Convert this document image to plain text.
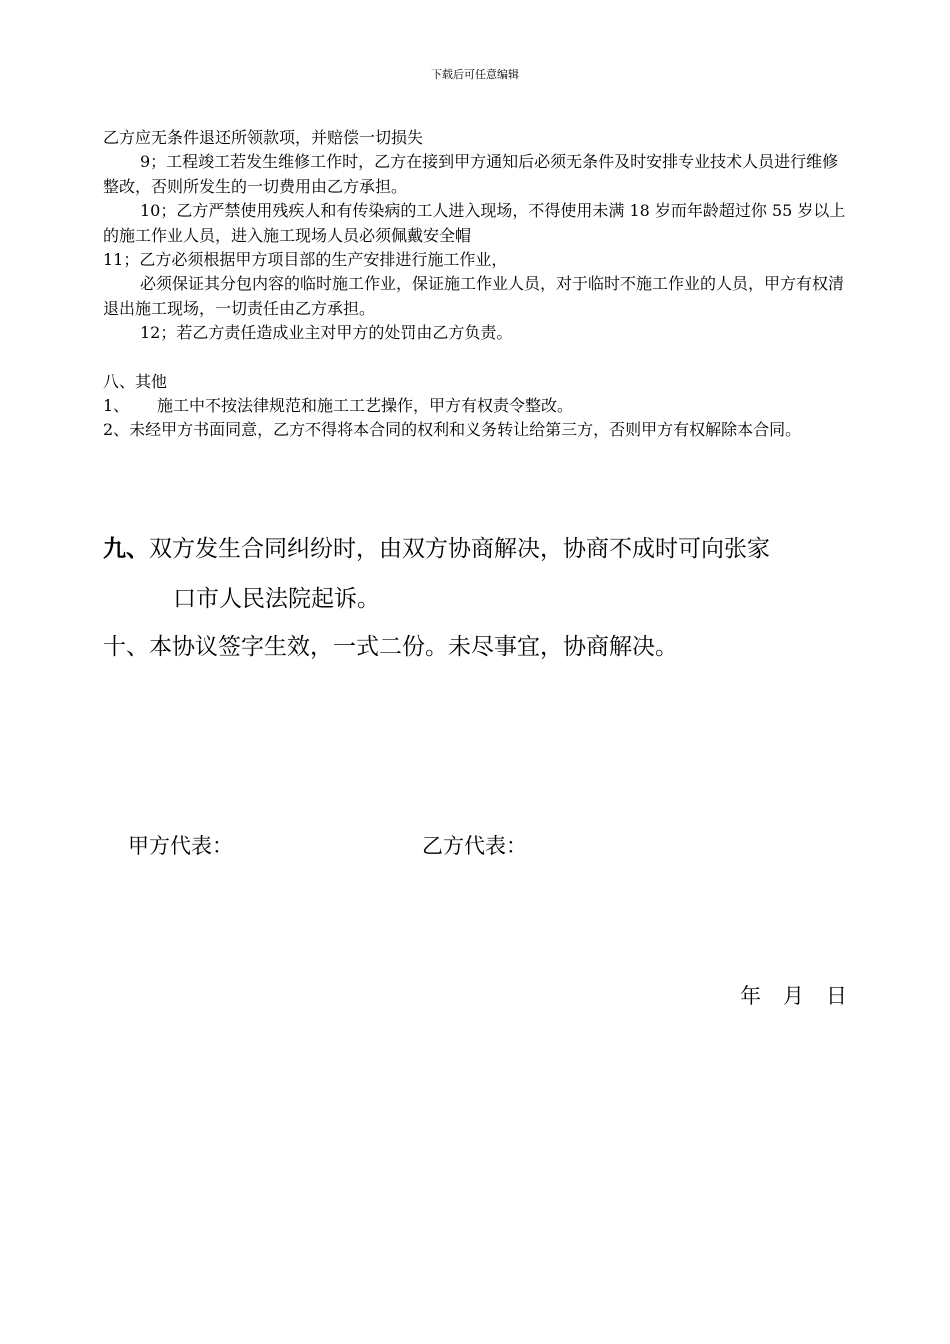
下载后可任意编辑

乙方应无条件退还所领款项，并赔偿一切损失

9；工程竣工若发生维修工作时，乙方在接到甲方通知后必须无条件及时安排专业技术人员进行维修整改，否则所发生的一切费用由乙方承担。

10；乙方严禁使用残疾人和有传染病的工人进入现场，不得使用未满 18 岁而年龄超过你 55 岁以上的施工作业人员，进入施工现场人员必须佩戴安全帽

11；乙方必须根据甲方项目部的生产安排进行施工作业，

必须保证其分包内容的临时施工作业，保证施工作业人员，对于临时不施工作业的人员，甲方有权清退出施工现场，一切责任由乙方承担。

12；若乙方责任造成业主对甲方的处罚由乙方负责。

八、其他

1、 施工中不按法律规范和施工工艺操作，甲方有权责令整改。

2、未经甲方书面同意，乙方不得将本合同的权利和义务转让给第三方，否则甲方有权解除本合同。

九、双方发生合同纠纷时，由双方协商解决，协商不成时可向张家

口市人民法院起诉。

十、本协议签字生效，一式二份。未尽事宜，协商解决。

甲方代表：	乙方代表：
年 月 日
